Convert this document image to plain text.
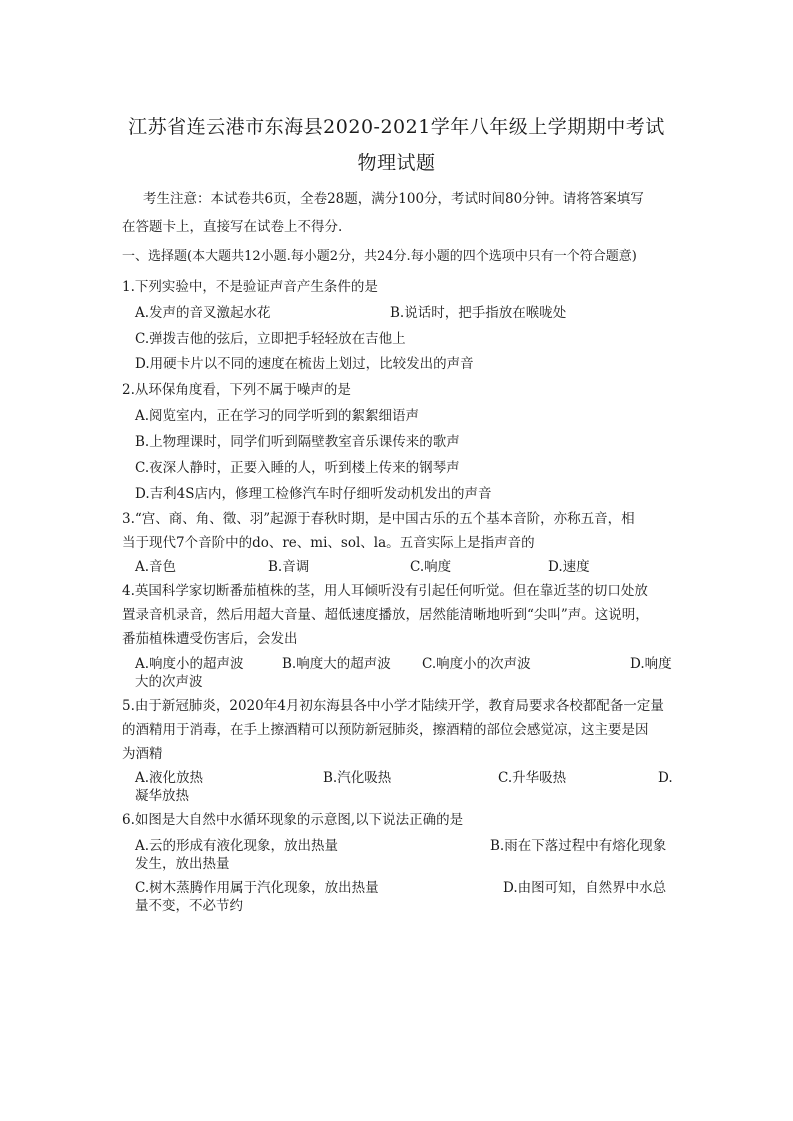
江苏省连云港市东海县2020-2021学年八年级上学期期中考试
物理试题
考生注意：本试卷共6页，全卷28题，满分100分，考试时间80分钟。请将答案填写
在答题卡上，直接写在试卷上不得分.
一、选择题(本大题共12小题.每小题2分，共24分.每小题的四个选项中只有一个符合题意)
1.下列实验中，不是验证声音产生条件的是
A.发声的音叉激起水花	B.说话时，把手指放在喉咙处
C.弹拨吉他的弦后，立即把手轻轻放在吉他上
D.用硬卡片以不同的速度在梳齿上划过，比较发出的声音
2.从环保角度看，下列不属于噪声的是
A.阅览室内，正在学习的同学听到的絮絮细语声
B.上物理课时，同学们听到隔壁教室音乐课传来的歌声
C.夜深人静时，正要入睡的人，听到楼上传来的钢琴声
D.吉利4S店内，修理工检修汽车时仔细听发动机发出的声音
3.“宫、商、角、徵、羽”起源于春秋时期，是中国古乐的五个基本音阶，亦称五音，相
当于现代7个音阶中的do、re、mi、sol、la。五音实际上是指声音的
A.音色	B.音调	C.响度	D.速度
4.英国科学家切断番茄植株的茎，用人耳倾听没有引起任何听觉。但在靠近茎的切口处放
置录音机录音，然后用超大音量、超低速度播放，居然能清晰地听到“尖叫”声。这说明，
番茄植株遭受伤害后，会发出
A.响度小的超声波	B.响度大的超声波 C.响度小的次声波	D.响度
大的次声波
5.由于新冠肺炎，2020年4月初东海县各中小学才陆续开学，教育局要求各校都配备一定量
的酒精用于消毒，在手上擦酒精可以预防新冠肺炎，擦酒精的部位会感觉凉，这主要是因
为酒精
A.液化放热	B.汽化吸热	C.升华吸热	D.
凝华放热
6.如图是大自然中水循环现象的示意图,以下说法正确的是
A.云的形成有液化现象，放出热量	B.雨在下落过程中有熔化现象
发生，放出热量
C.树木蒸腾作用属于汽化现象，放出热量	D.由图可知，自然界中水总
量不变，不必节约
